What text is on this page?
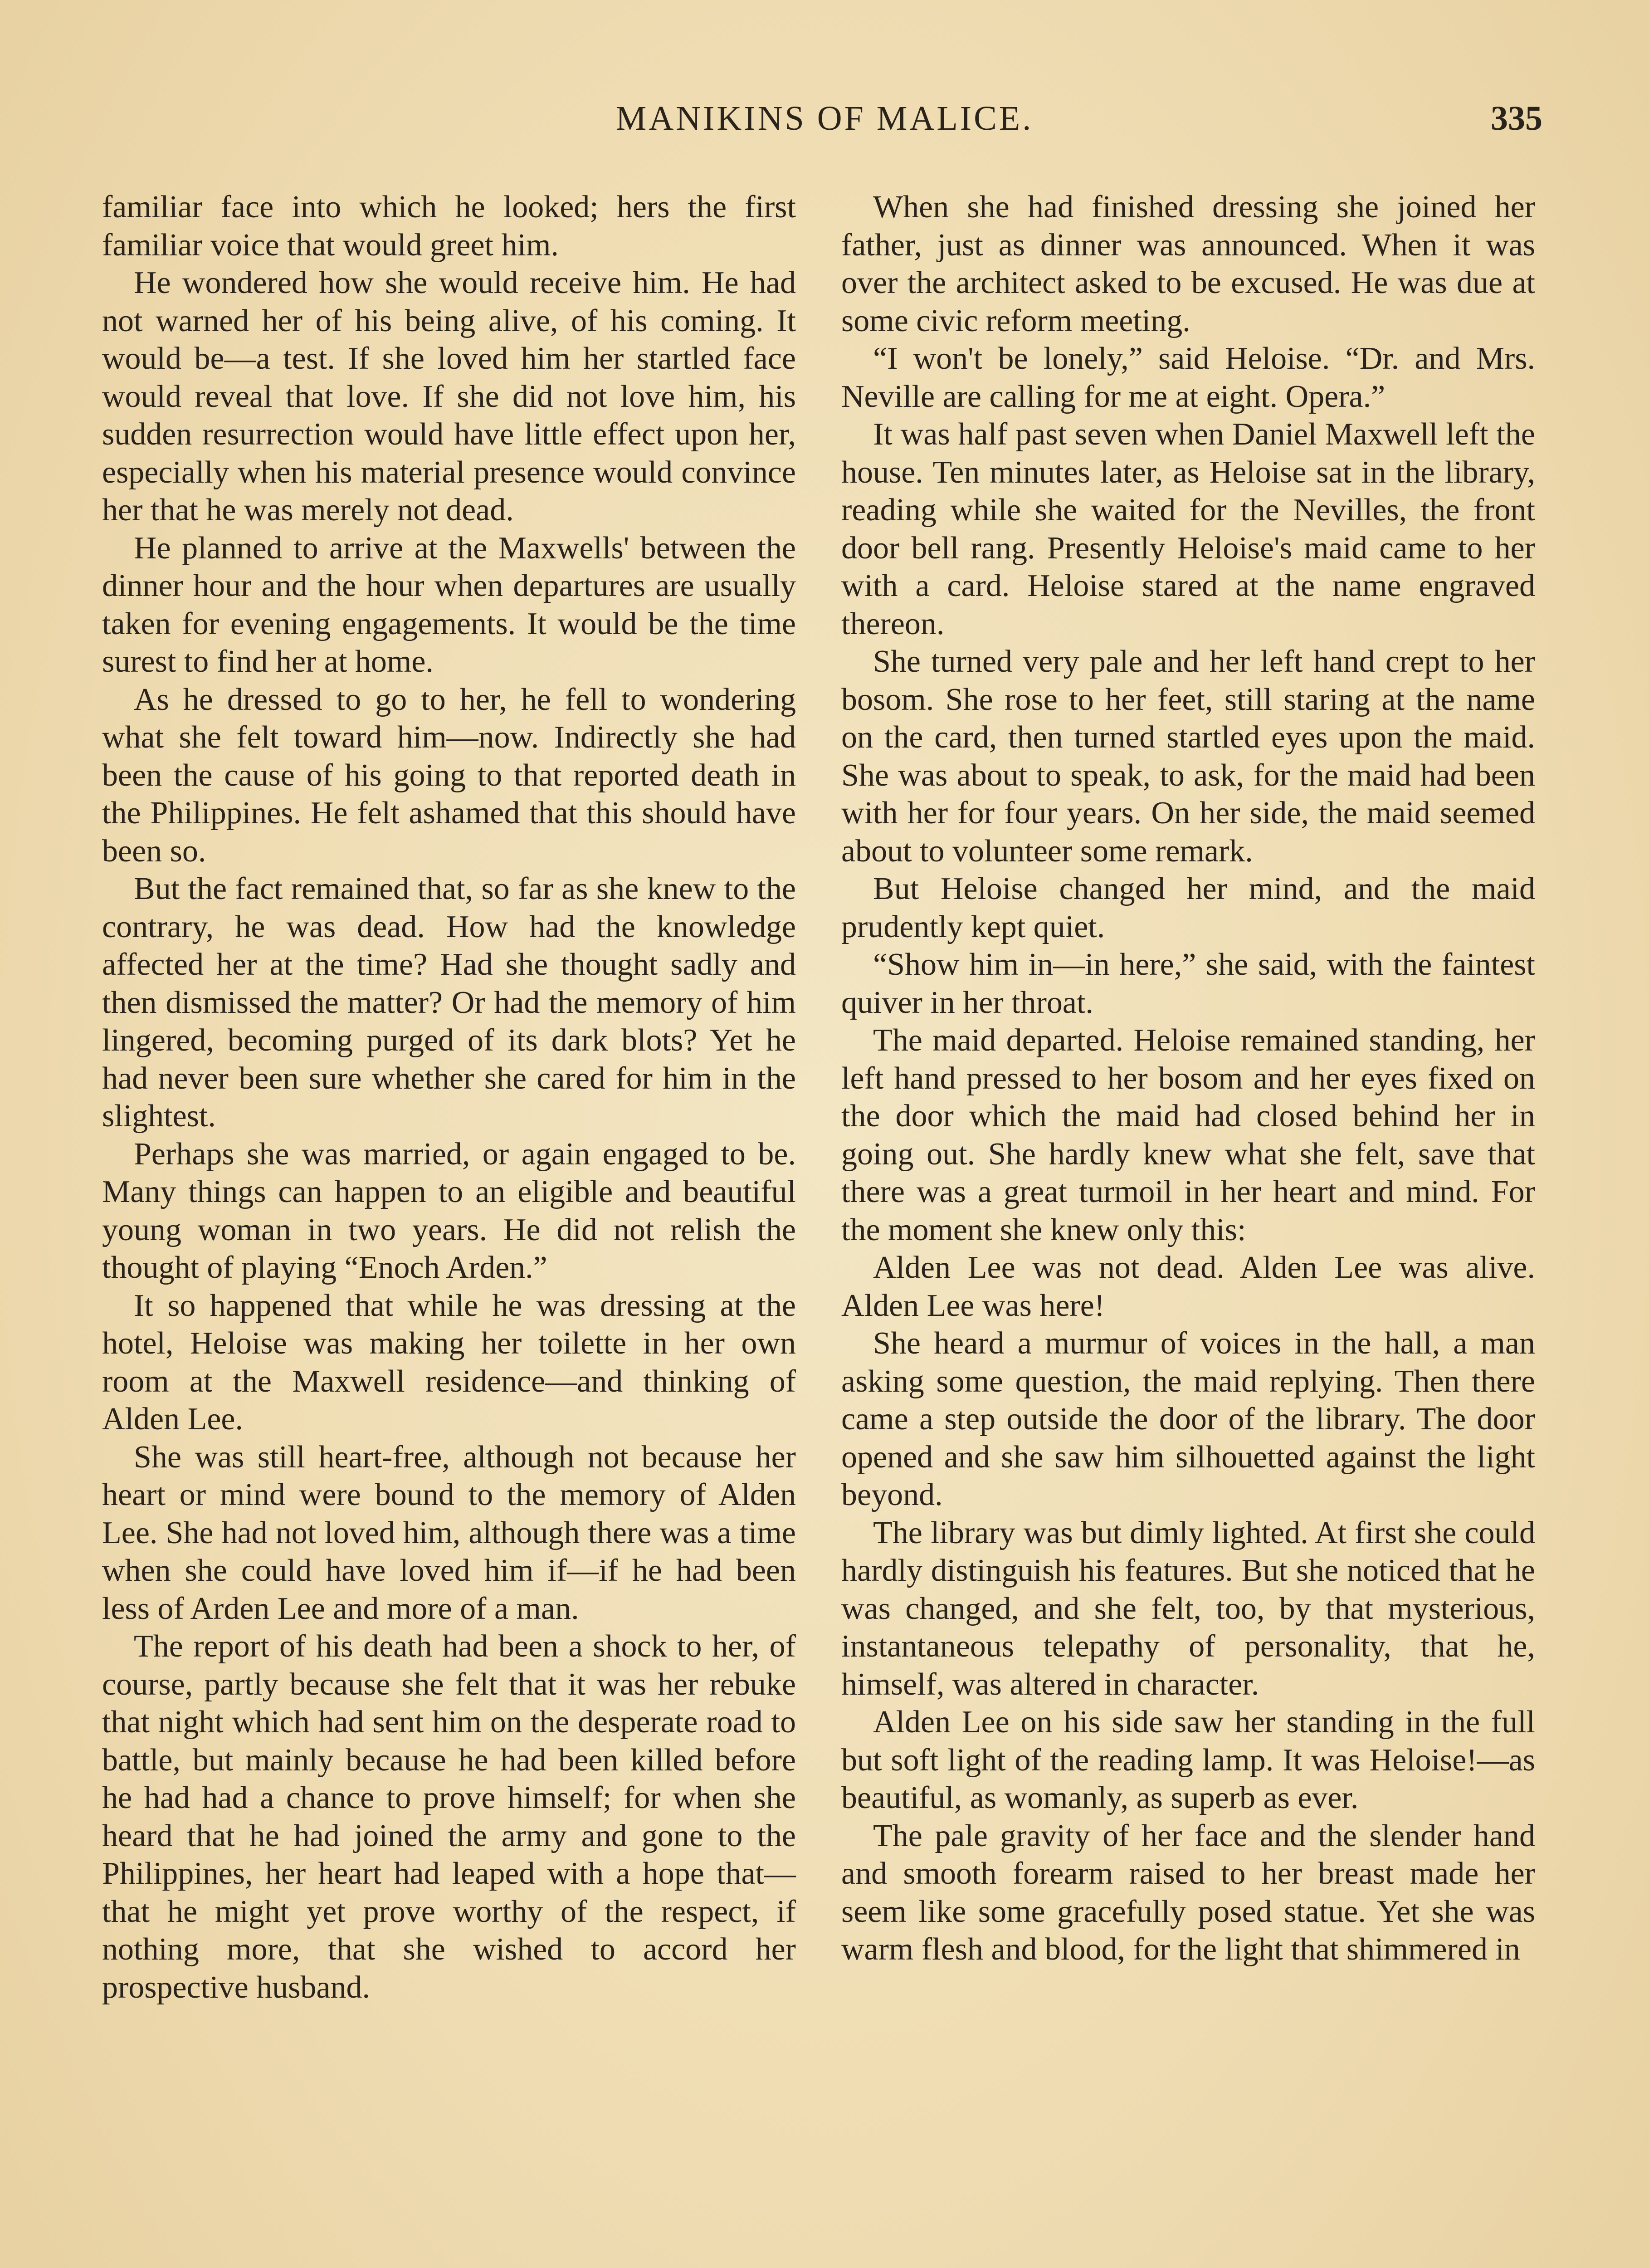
MANIKINS OF MALICE.	335

familiar face into which he looked; hers the first familiar voice that would greet him.

He wondered how she would receive him. He had not warned her of his being alive, of his coming. It would be—a test. If she loved him her startled face would reveal that love. If she did not love him, his sudden resurrection would have little effect upon her, especially when his material presence would convince her that he was merely not dead.

He planned to arrive at the Maxwells' between the dinner hour and the hour when departures are usually taken for evening engagements. It would be the time surest to find her at home.

As he dressed to go to her, he fell to wondering what she felt toward him—now. Indirectly she had been the cause of his going to that reported death in the Philippines. He felt ashamed that this should have been so.

But the fact remained that, so far as she knew to the contrary, he was dead. How had the knowledge affected her at the time? Had she thought sadly and then dismissed the matter? Or had the memory of him lingered, becoming purged of its dark blots? Yet he had never been sure whether she cared for him in the slightest.

Perhaps she was married, or again engaged to be. Many things can happen to an eligible and beautiful young woman in two years. He did not relish the thought of playing “Enoch Arden.”

It so happened that while he was dressing at the hotel, Heloise was making her toilette in her own room at the Maxwell residence—and thinking of Alden Lee.

She was still heart-free, although not because her heart or mind were bound to the memory of Alden Lee. She had not loved him, although there was a time when she could have loved him if—if he had been less of Arden Lee and more of a man.

The report of his death had been a shock to her, of course, partly because she felt that it was her rebuke that night which had sent him on the desperate road to battle, but mainly because he had been killed before he had had a chance to prove himself; for when she heard that he had joined the army and gone to the Philippines, her heart had leaped with a hope that—that he might yet prove worthy of the respect, if nothing more, that she wished to accord her prospective husband.

When she had finished dressing she joined her father, just as dinner was announced. When it was over the architect asked to be excused. He was due at some civic reform meeting.

“I won't be lonely,” said Heloise. “Dr. and Mrs. Neville are calling for me at eight. Opera.”

It was half past seven when Daniel Maxwell left the house. Ten minutes later, as Heloise sat in the library, reading while she waited for the Nevilles, the front door bell rang. Presently Heloise's maid came to her with a card. Heloise stared at the name engraved thereon.

She turned very pale and her left hand crept to her bosom. She rose to her feet, still staring at the name on the card, then turned startled eyes upon the maid. She was about to speak, to ask, for the maid had been with her for four years. On her side, the maid seemed about to volunteer some remark.

But Heloise changed her mind, and the maid prudently kept quiet.

“Show him in—in here,” she said, with the faintest quiver in her throat.

The maid departed. Heloise remained standing, her left hand pressed to her bosom and her eyes fixed on the door which the maid had closed behind her in going out. She hardly knew what she felt, save that there was a great turmoil in her heart and mind. For the moment she knew only this:

Alden Lee was not dead. Alden Lee was alive. Alden Lee was here!

She heard a murmur of voices in the hall, a man asking some question, the maid replying. Then there came a step outside the door of the library. The door opened and she saw him silhouetted against the light beyond.

The library was but dimly lighted. At first she could hardly distinguish his features. But she noticed that he was changed, and she felt, too, by that mysterious, instantaneous telepathy of personality, that he, himself, was altered in character.

Alden Lee on his side saw her standing in the full but soft light of the reading lamp. It was Heloise!—as beautiful, as womanly, as superb as ever.

The pale gravity of her face and the slender hand and smooth forearm raised to her breast made her seem like some gracefully posed statue. Yet she was warm flesh and blood, for the light that shimmered in
